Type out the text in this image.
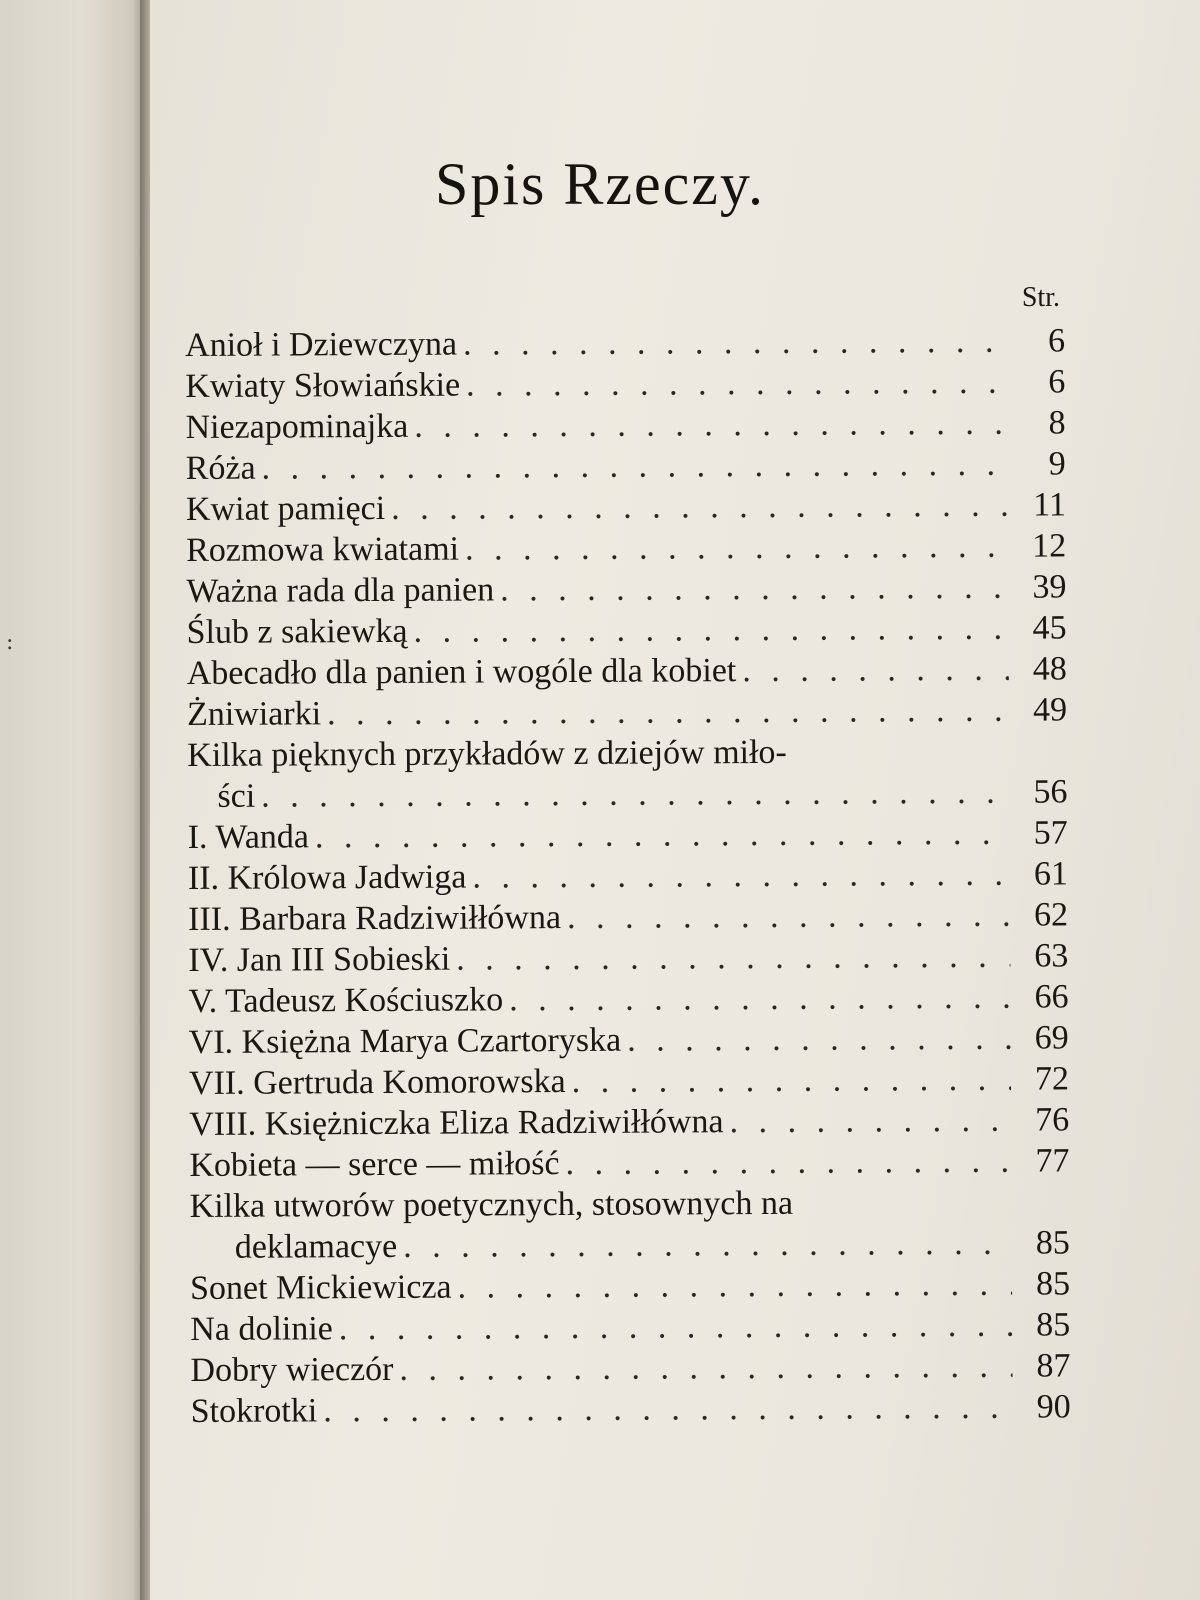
:
Spis Rzeczy.
Str.
Anioł i Dziewczyna . . .	6
Kwiaty Słowiańskie . . .	6
Niezapominajka . . .	8
Róża . . .	9
Kwiat pamięci . . .	11
Rozmowa kwiatami . . .	12
Ważna rada dla panien . . .	39
Ślub z sakiewką . . .	45
Abecadło dla panien i wogóle dla kobiet . . .	48
Żniwiarki . . .	49
Kilka pięknych przykładów z dziejów miło-
ści . . .	56
I. Wanda . . .	57
II. Królowa Jadwiga . . .	61
III. Barbara Radziwiłłówna . . .	62
IV. Jan III Sobieski . . .	63
V. Tadeusz Kościuszko . . .	66
VI. Księżna Marya Czartoryska . . .	69
VII. Gertruda Komorowska . . .	72
VIII. Księżniczka Eliza Radziwiłłówna . . .	76
Kobieta — serce — miłość . . .	77
Kilka utworów poetycznych, stosownych na
deklamacye . . .	85
Sonet Mickiewicza . . .	85
Na dolinie . . .	85
Dobry wieczór . . .	87
Stokrotki . . .	90
